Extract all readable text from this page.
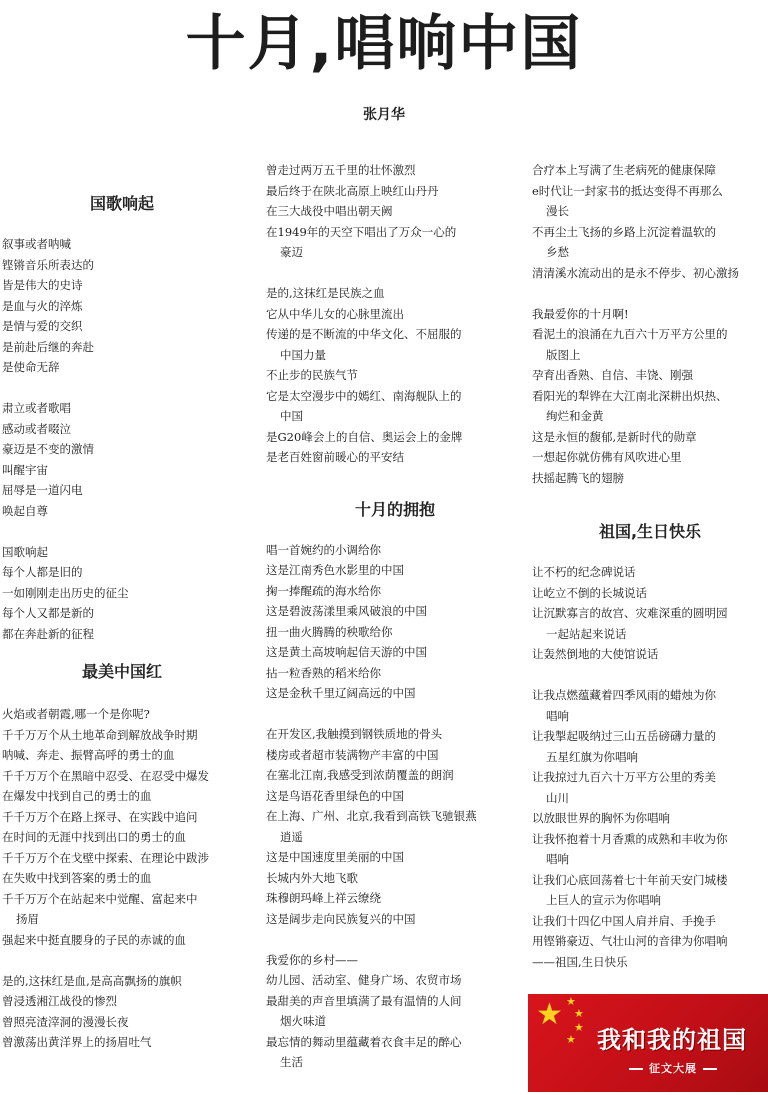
十月,唱响中国
张月华
国歌响起
叙事或者呐喊
铿锵音乐所表达的
皆是伟大的史诗
是血与火的淬炼
是情与爱的交织
是前赴后继的奔赴
是使命无辞
肃立或者歌唱
感动或者啜泣
豪迈是不变的激情
叫醒宇宙
屈辱是一道闪电
唤起自尊
国歌响起
每个人都是旧的
一如刚刚走出历史的征尘
每个人又都是新的
都在奔赴新的征程
最美中国红
火焰或者朝霞,哪一个是你呢?
千千万万个从土地革命到解放战争时期
呐喊、奔走、振臂高呼的勇士的血
千千万万个在黑暗中忍受、在忍受中爆发
在爆发中找到自己的勇士的血
千千万万个在路上探寻、在实践中追问
在时间的无涯中找到出口的勇士的血
千千万万个在戈壁中探索、在理论中跋涉
在失败中找到答案的勇士的血
千千万万个在站起来中觉醒、富起来中
扬眉
强起来中挺直腰身的子民的赤诚的血
是的,这抹红是血,是高高飘扬的旗帜
曾浸透湘江战役的惨烈
曾照亮渣滓洞的漫漫长夜
曾激荡出黄洋界上的扬眉吐气
曾走过两万五千里的壮怀激烈
最后终于在陕北高原上映红山丹丹
在三大战役中唱出朝天阙
在1949年的天空下唱出了万众一心的
豪迈
是的,这抹红是民族之血
它从中华儿女的心脉里流出
传递的是不断流的中华文化、不屈服的
中国力量
不止步的民族气节
它是太空漫步中的嫣红、南海舰队上的
中国
是G20峰会上的自信、奥运会上的金牌
是老百姓窗前暖心的平安结
十月的拥抱
唱一首婉约的小调给你
这是江南秀色水影里的中国
掬一捧醒疏的海水给你
这是碧波荡漾里乘风破浪的中国
扭一曲火腾腾的秧歌给你
这是黄土高坡响起信天游的中国
拈一粒香熟的稻米给你
这是金秋千里辽阔高远的中国
在开发区,我触摸到钢铁质地的骨头
楼房或者超市装满物产丰富的中国
在塞北江南,我感受到浓荫覆盖的朗润
这是鸟语花香里绿色的中国
在上海、广州、北京,我看到高铁飞驰银燕
逍遥
这是中国速度里美丽的中国
长城内外大地飞歌
珠穆朗玛峰上祥云缭绕
这是阔步走向民族复兴的中国
我爱你的乡村——
幼儿园、活动室、健身广场、农贸市场
最甜美的声音里填满了最有温情的人间
烟火味道
最忘情的舞动里蕴藏着衣食丰足的醉心
生活
合疗本上写满了生老病死的健康保障
e时代让一封家书的抵达变得不再那么
漫长
不再尘土飞扬的乡路上沉淀着温软的
乡愁
清清溪水流动出的是永不停步、初心激扬
我最爱你的十月啊!
看泥土的浪涌在九百六十万平方公里的
版图上
孕育出香熟、自信、丰饶、刚强
看阳光的犁铧在大江南北深耕出炽热、
绚烂和金黄
这是永恒的馥郁,是新时代的勋章
一想起你就仿佛有风吹进心里
扶摇起腾飞的翅膀
祖国,生日快乐
让不朽的纪念碑说话
让屹立不倒的长城说话
让沉默寡言的故宫、灾难深重的圆明园
一起站起来说话
让轰然倒地的大使馆说话
让我点燃蕴藏着四季风雨的蜡烛为你
唱响
让我掣起吸纳过三山五岳磅礴力量的
五星红旗为你唱响
让我掠过九百六十万平方公里的秀美
山川
以放眼世界的胸怀为你唱响
让我怀抱着十月香熏的成熟和丰收为你
唱响
让我们心底回荡着七十年前天安门城楼
上巨人的宣示为你唱响
让我们十四亿中国人肩并肩、手挽手
用铿锵豪迈、气壮山河的音律为你唱响
——祖国,生日快乐
★ ★
★
★
★ 我和我的祖国
征文大展
